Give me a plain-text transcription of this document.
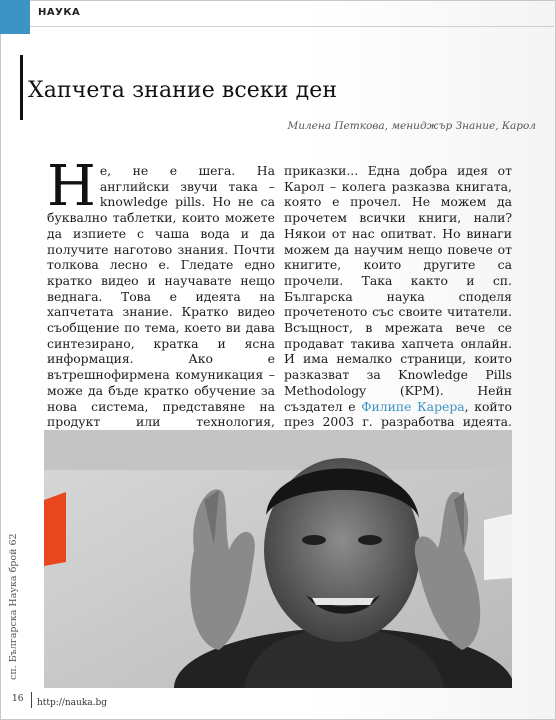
НАУКА
Хапчета знание всеки ден
Милена Петкова, мениджър Знание, Карол

Не, не е шега. На английски звучи така – knowledge pills. Но не са буквално таблетки, които можете да изпиете с чаша вода и да получите наготово знания. Почти толкова лесно е. Гледате едно кратко видео и научавате нещо веднага. Това е идеята на хапчетата знание. Кратко видео съобщение по тема, което ви дава синтезирано, кратка и ясна информация. Ако е вътрешнофирмена комуникация – може да бъде кратко обучение за нова система, представяне на продукт или технология,

приказки... Една добра идея от Карол – колега разказва книгата, която е прочел. Не можем да прочетем всички книги, нали? Някои от нас опитват. Но винаги можем да научим нещо повече от книгите, които другите са прочели. Така както и сп. Българска наука споделя прочетеното със своите читатели. Всъщност, в мрежата вече се продават такива хапчета онлайн. И има немалко страници, които разказват за Knowledge Pills Methodology (KPM). Нейн създател е Филипе Карера, който през 2003 г. разработва идеята.

сп. Българска Наука брой 62
16 http://nauka.bg
